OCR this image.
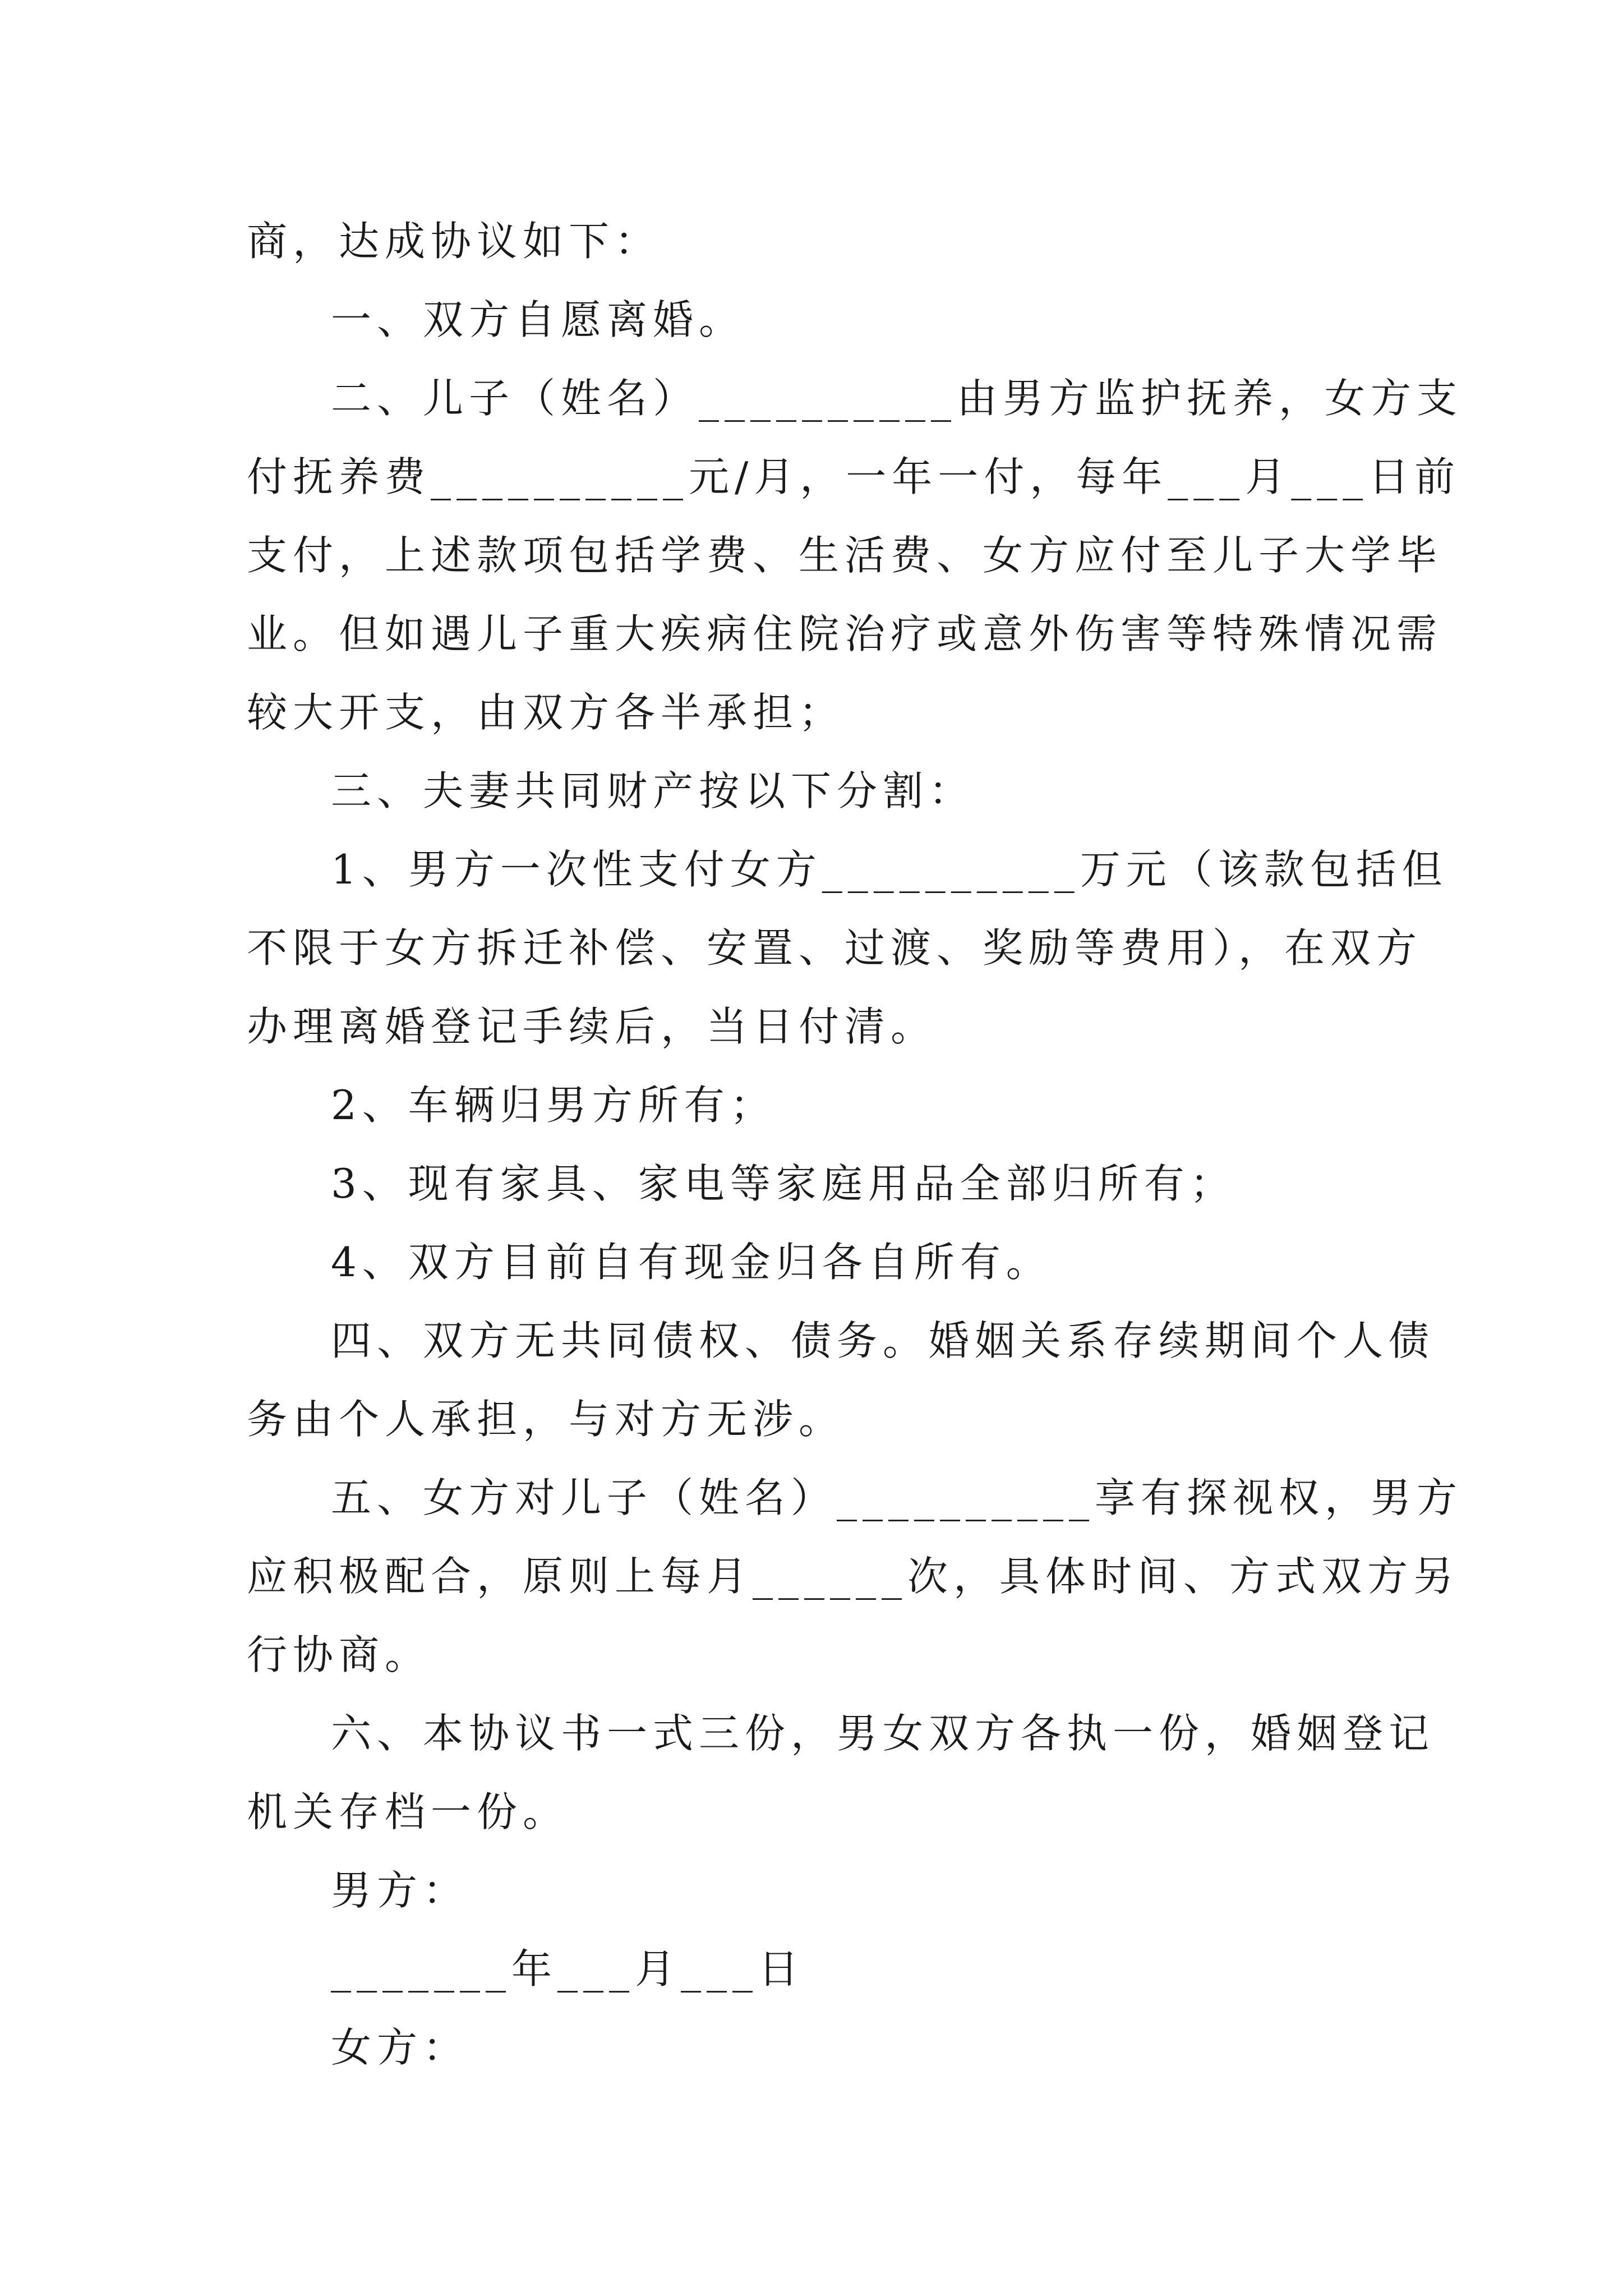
商，达成协议如下：
一、双方自愿离婚。
二、儿子（姓名）__________由男方监护抚养，女方支
付抚养费__________元/月，一年一付，每年___月___日前
支付，上述款项包括学费、生活费、女方应付至儿子大学毕
业。但如遇儿子重大疾病住院治疗或意外伤害等特殊情况需
较大开支，由双方各半承担；
三、夫妻共同财产按以下分割：
1、男方一次性支付女方__________万元（该款包括但
不限于女方拆迁补偿、安置、过渡、奖励等费用），在双方
办理离婚登记手续后，当日付清。
2、车辆归男方所有；
3、现有家具、家电等家庭用品全部归所有；
4、双方目前自有现金归各自所有。
四、双方无共同债权、债务。婚姻关系存续期间个人债
务由个人承担，与对方无涉。
五、女方对儿子（姓名）__________享有探视权，男方
应积极配合，原则上每月______次，具体时间、方式双方另
行协商。
六、本协议书一式三份，男女双方各执一份，婚姻登记
机关存档一份。
男方：
_______年___月___日
女方：
